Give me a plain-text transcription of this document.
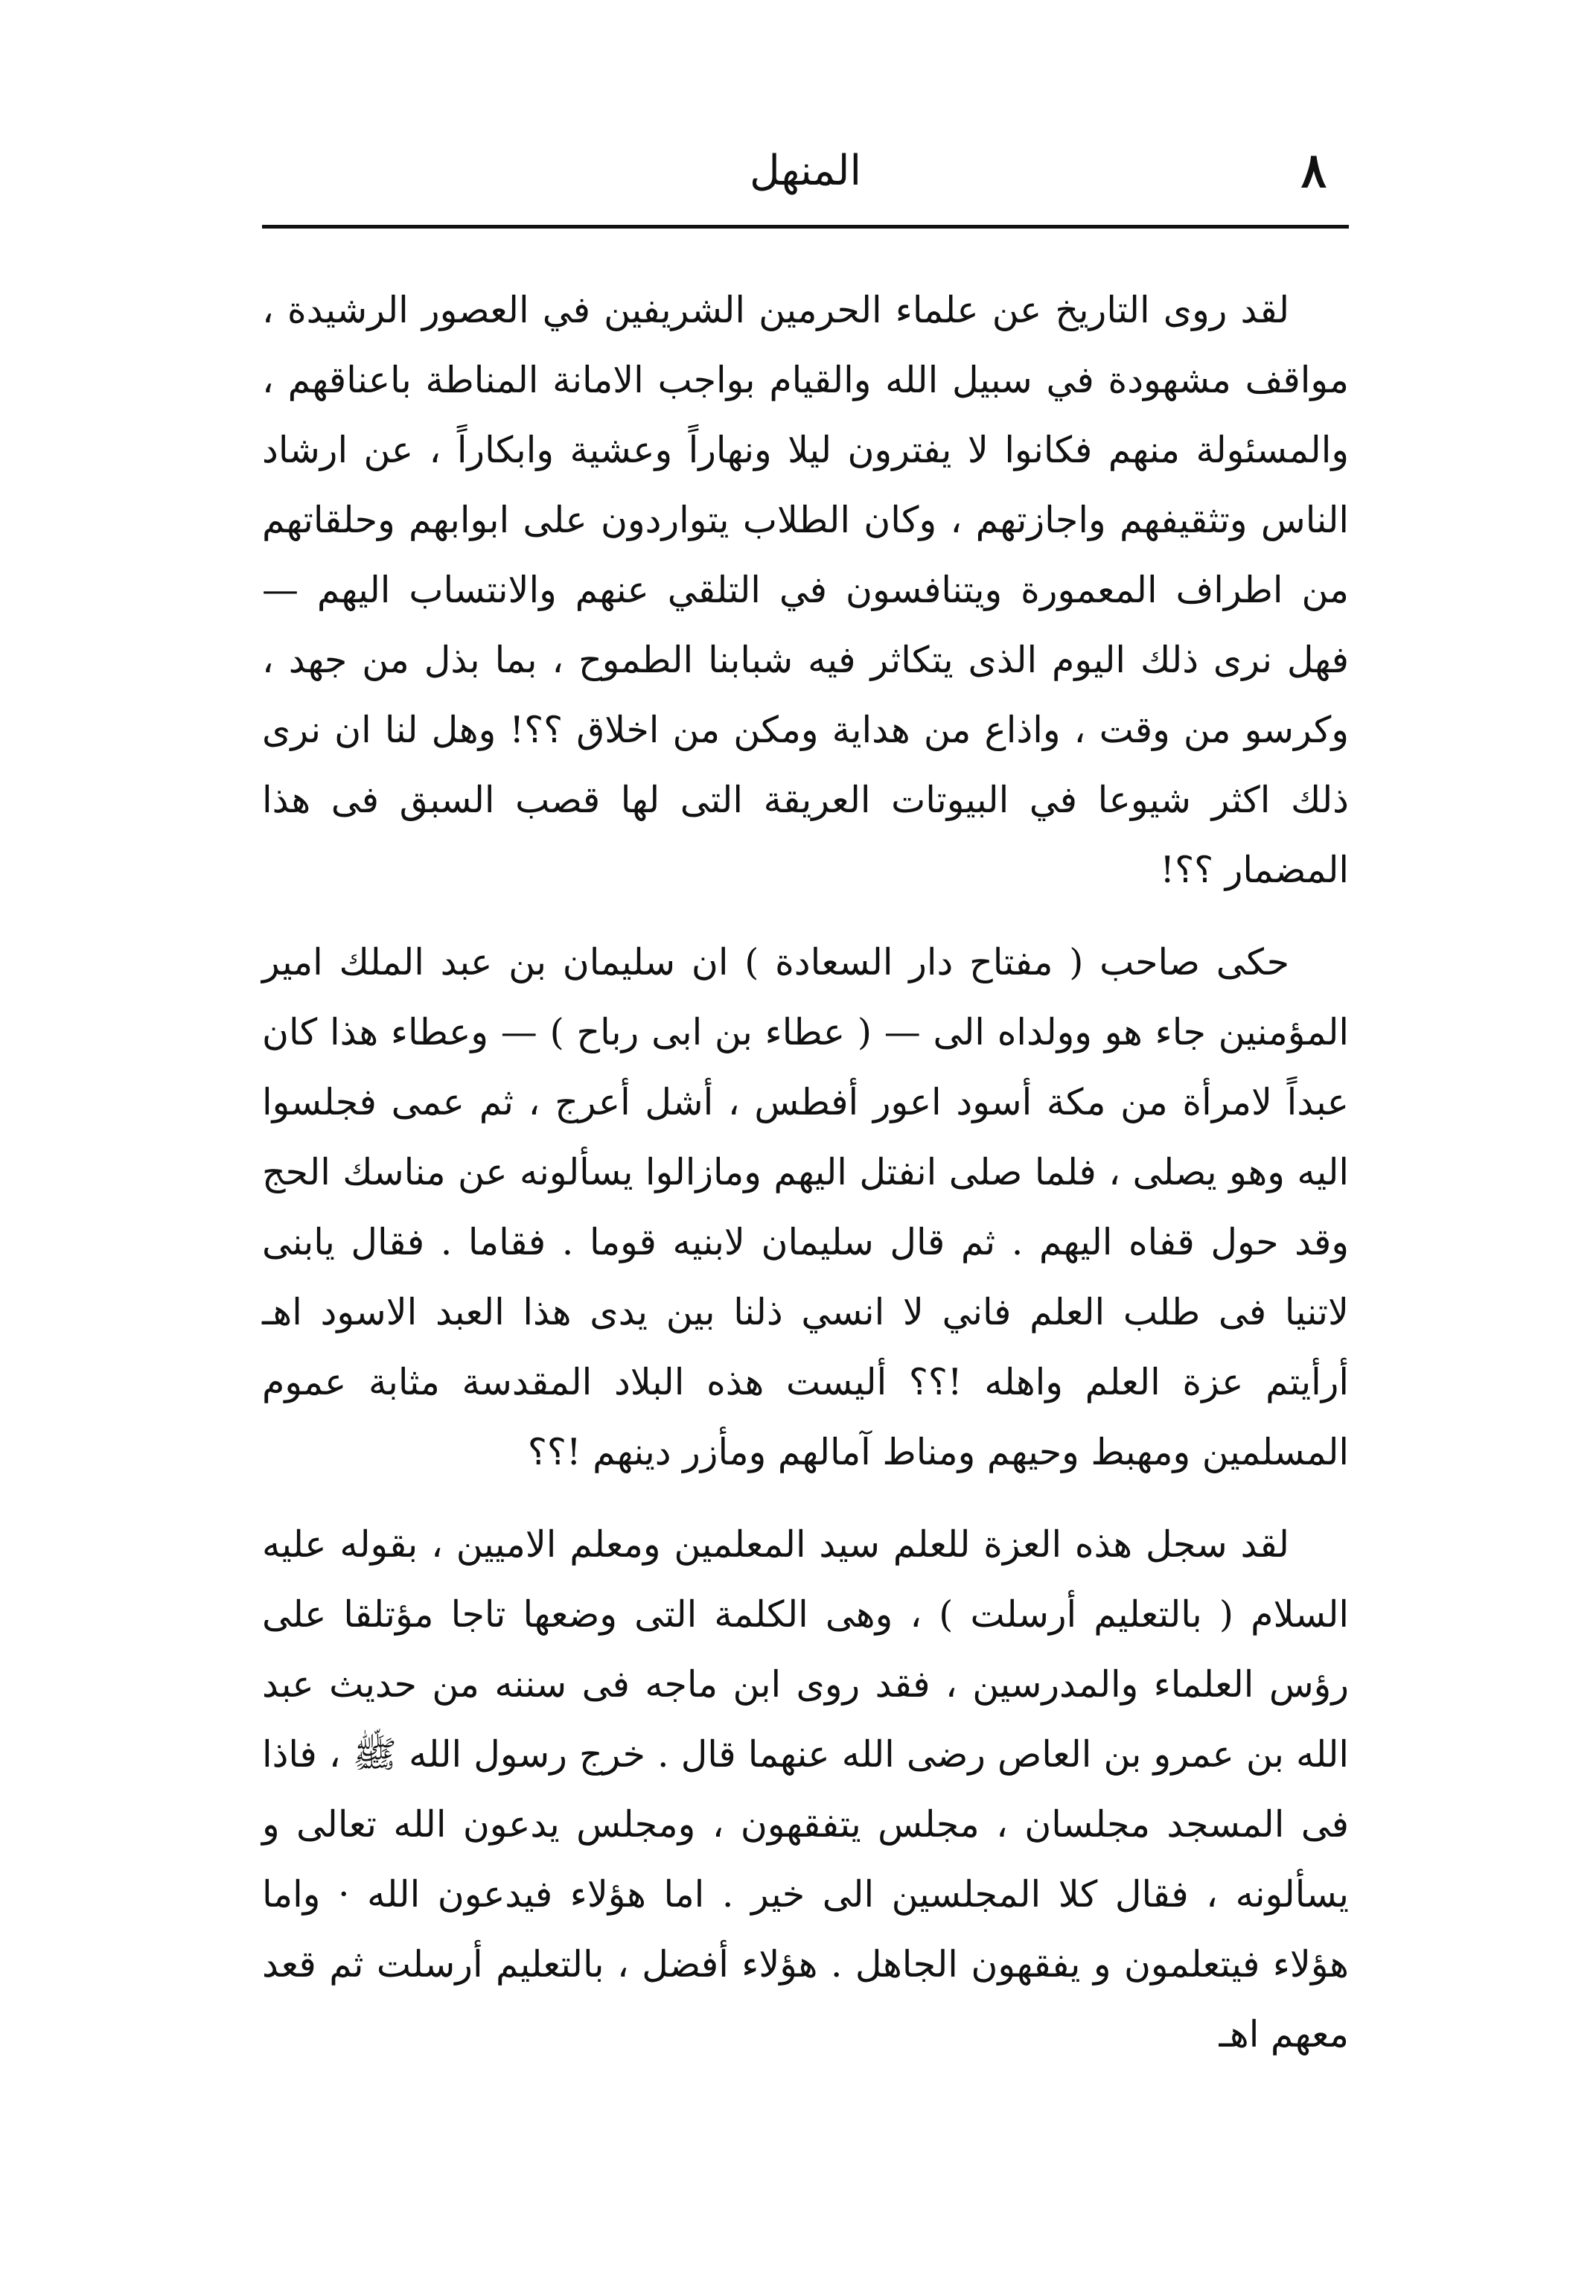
٨
المنهل

لقد روى التاريخ عن علماء الحرمين الشريفين في العصور الرشيدة ، مواقف مشهودة في سبيل الله والقيام بواجب الامانة المناطة باعناقهم ، والمسئولة منهم فكانوا لا يفترون ليلا ونهاراً وعشية وابكاراً ، عن ارشاد الناس وتثقيفهم واجازتهم ، وكان الطلاب يتواردون على ابوابهم وحلقاتهم من اطراف المعمورة ويتنافسون في التلقي عنهم والانتساب اليهم — فهل نرى ذلك اليوم الذى يتكاثر فيه شبابنا الطموح ، بما بذل من جهد ، وكرسو من وقت ، واذاع من هداية ومكن من اخلاق ؟؟! وهل لنا ان نرى ذلك اكثر شيوعا في البيوتات العريقة التى لها قصب السبق فى هذا المضمار ؟؟!

حكى صاحب ( مفتاح دار السعادة ) ان سليمان بن عبد الملك امير المؤمنين جاء هو وولداه الى — ( عطاء بن ابى رباح ) — وعطاء هذا كان عبداً لامرأة من مكة أسود اعور أفطس ، أشل أعرج ، ثم عمى فجلسوا اليه وهو يصلى ، فلما صلى انفتل اليهم ومازالوا يسألونه عن مناسك الحج وقد حول قفاه اليهم . ثم قال سليمان لابنيه قوما . فقاما . فقال يابنى لاتنيا فى طلب العلم فاني لا انسي ذلنا بين يدى هذا العبد الاسود اهـ أرأيتم عزة العلم واهله !؟؟ أليست هذه البلاد المقدسة مثابة عموم المسلمين ومهبط وحيهم ومناط آمالهم ومأزر دينهم !؟؟

لقد سجل هذه العزة للعلم سيد المعلمين ومعلم الاميين ، بقوله عليه السلام ( بالتعليم أرسلت ) ، وهى الكلمة التى وضعها تاجا مؤتلقا على رؤس العلماء والمدرسين ، فقد روى ابن ماجه فى سننه من حديث عبد الله بن عمرو بن العاص رضى الله عنهما قال . خرج رسول الله ﷺ ، فاذا فى المسجد مجلسان ، مجلس يتفقهون ، ومجلس يدعون الله تعالى و يسألونه ، فقال كلا المجلسين الى خير . اما هؤلاء فيدعون الله · واما هؤلاء فيتعلمون و يفقهون الجاهل . هؤلاء أفضل ، بالتعليم أرسلت ثم قعد معهم اهـ
